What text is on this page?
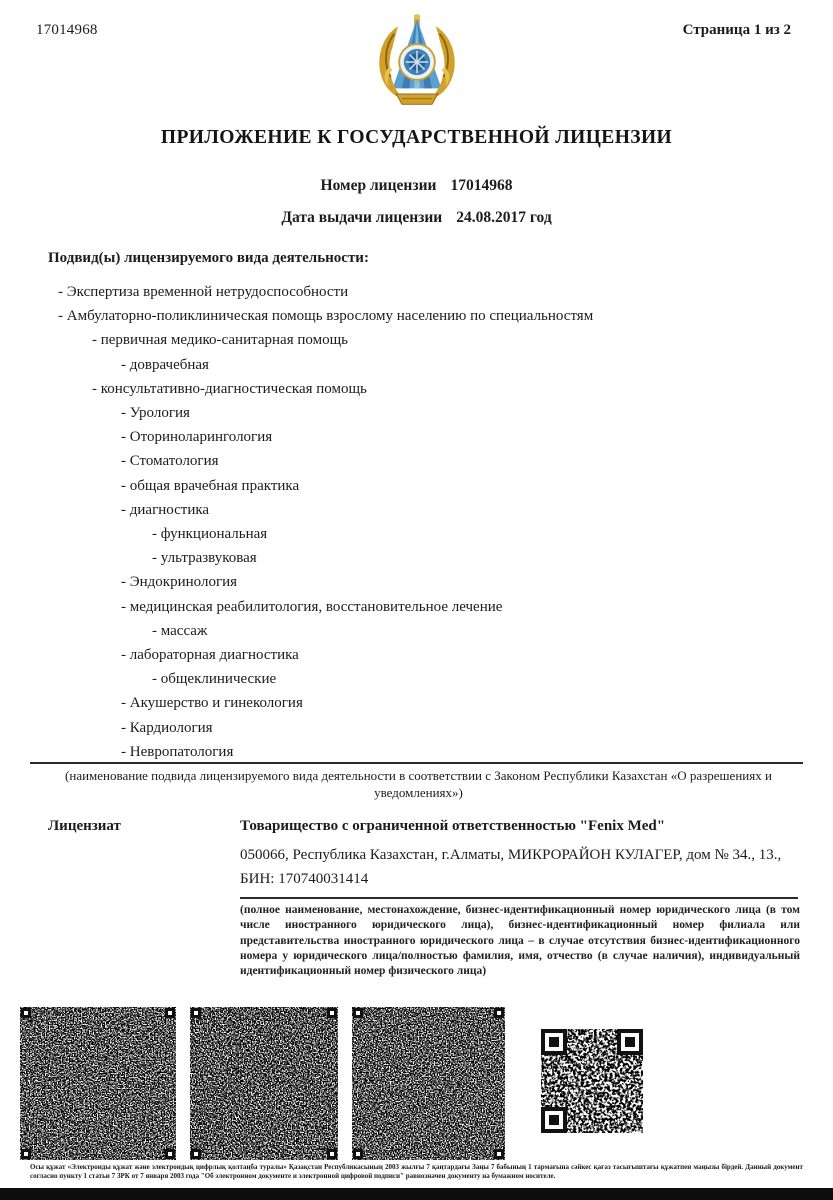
17014968	Страница 1 из 2
ПРИЛОЖЕНИЕ К ГОСУДАРСТВЕННОЙ ЛИЦЕНЗИИ
Номер лицензии 17014968
Дата выдачи лицензии 24.08.2017 год
Подвид(ы) лицензируемого вида деятельности:
- Экспертиза временной нетрудоспособности
- Амбулаторно-поликлиническая помощь взрослому населению по специальностям
- первичная медико-санитарная помощь
- доврачебная
- консультативно-диагностическая помощь
- Урология
- Оториноларингология
- Стоматология
- общая врачебная практика
- диагностика
- функциональная
- ультразвуковая
- Эндокринология
- медицинская реабилитология, восстановительное лечение
- массаж
- лабораторная диагностика
- общеклинические
- Акушерство и гинекология
- Кардиология
- Невропатология
(наименование подвида лицензируемого вида деятельности в соответствии с Законом Республики Казахстан «О разрешениях и уведомлениях»)
Лицензиат	Товарищество с ограниченной ответственностью "Fenix Med"
050066, Республика Казахстан, г.Алматы, МИКРОРАЙОН КУЛАГЕР, дом № 34., 13., БИН: 170740031414
(полное наименование, местонахождение, бизнес-идентификационный номер юридического лица (в том числе иностранного юридического лица), бизнес-идентификационный номер филиала или представительства иностранного юридического лица – в случае отсутствия бизнес-идентификационного номера у юридического лица/полностью фамилия, имя, отчество (в случае наличия), индивидуальный идентификационный номер физического лица)
Осы құжат «Электронды құжат және электрондық цифрлық қолтаңба туралы» Қазақстан Республикасының 2003 жылғы 7 қаңтардағы Заңы 7 бабының 1 тармағына сәйкес қағаз тасығыштағы құжатпен маңызы бірдей. Данный документ согласно пункту 1 статьи 7 ЗРК от 7 января 2003 года "Об электронном документе и электронной цифровой подписи" равнозначен документу на бумажном носителе.
